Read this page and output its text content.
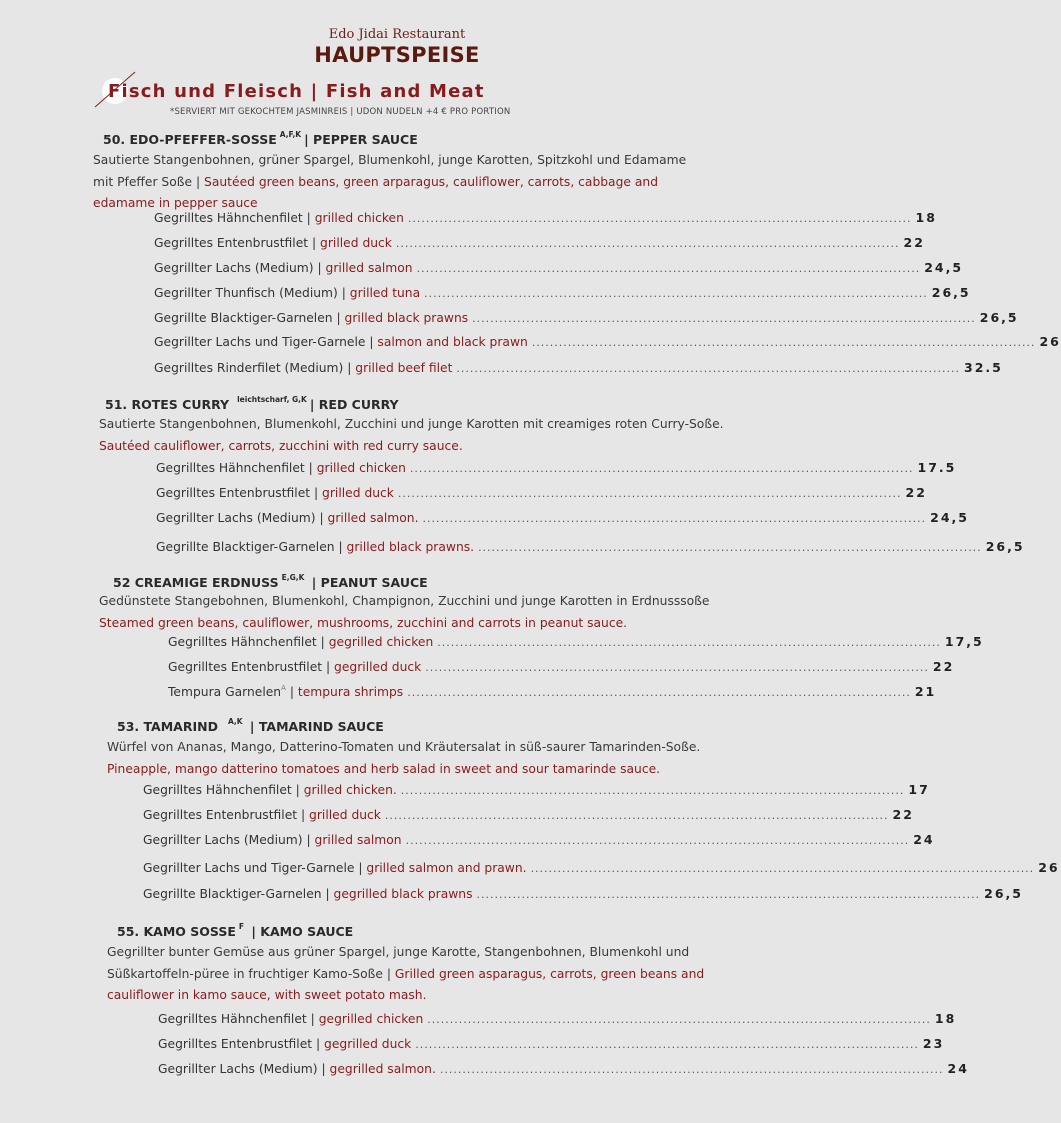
Edo Jidai Restaurant
HAUPTSPEISE
Fisch und Fleisch | Fish and Meat
*SERVIERT MIT GEKOCHTEM JASMINREIS | UDON NUDELN +4 € PRO PORTION
50. EDO-PFEFFER-SOSSE $^{A,F,K}$ | PEPPER SAUCE
Sautierte Stangenbohnen, grüner Spargel, Blumenkohl, junge Karotten, Spitzkohl und Edamame mit Pfeffer Soße | Sautéed green beans, green arparagus, cauliflower, carrots, cabbage and edamame in pepper sauce
Gegrilltes Hähnchenfilet | grilled chicken ................................................................................................................ 18
Gegrilltes Entenbrustfilet | grilled duck ................................................................................................................ 22
Gegrillter Lachs (Medium) | grilled salmon ................................................................................................................ 24,5
Gegrillter Thunfisch (Medium) | grilled tuna ................................................................................................................ 26,5
Gegrillte Blacktiger-Garnelen | grilled black prawns ................................................................................................................ 26,5
Gegrillter Lachs und Tiger-Garnele | salmon and black prawn ................................................................................................................ 26
Gegrilltes Rinderfilet (Medium) | grilled beef filet ................................................................................................................ 32.5
51. ROTES CURRY $^{leichtscharf, G,K}$ | RED CURRY
Sautierte Stangenbohnen, Blumenkohl, Zucchini und junge Karotten mit creamiges roten Curry-Soße.
Sautéed cauliflower, carrots, zucchini with red curry sauce.
Gegrilltes Hähnchenfilet | grilled chicken ................................................................................................................ 17.5
Gegrilltes Entenbrustfilet | grilled duck ................................................................................................................ 22
Gegrillter Lachs (Medium) | grilled salmon. ................................................................................................................ 24,5
Gegrillte Blacktiger-Garnelen | grilled black prawns. ................................................................................................................ 26,5
52 CREAMIGE ERDNUSS $^{E,G,K}$ | PEANUT SAUCE
Gedünstete Stangebohnen, Blumenkohl, Champignon, Zucchini und junge Karotten in Erdnusssoße
Steamed green beans, cauliflower, mushrooms, zucchini and carrots in peanut sauce.
Gegrilltes Hähnchenfilet | gegrilled chicken ................................................................................................................ 17,5
Gegrilltes Entenbrustfilet | gegrilled duck ................................................................................................................ 22
Tempura Garnelen$^A$ | tempura shrimps ................................................................................................................ 21
53. TAMARIND $^{A,K}$ | TAMARIND SAUCE
Würfel von Ananas, Mango, Datterino-Tomaten und Kräutersalat in süß-saurer Tamarinden-Soße.
Pineapple, mango datterino tomatoes and herb salad in sweet and sour tamarinde sauce.
Gegrilltes Hähnchenfilet | grilled chicken. ................................................................................................................ 17
Gegrilltes Entenbrustfilet | grilled duck ................................................................................................................ 22
Gegrillter Lachs (Medium) | grilled salmon ................................................................................................................ 24
Gegrillter Lachs und Tiger-Garnele | grilled salmon and prawn. ................................................................................................................ 26
Gegrillte Blacktiger-Garnelen | gegrilled black prawns ................................................................................................................ 26,5
55. KAMO SOSSE $^F$ | KAMO SAUCE
Gegrillter bunter Gemüse aus grüner Spargel, junge Karotte, Stangenbohnen, Blumenkohl und Süßkartoffeln-püree in fruchtiger Kamo-Soße | Grilled green asparagus, carrots, green beans and cauliflower in kamo sauce, with sweet potato mash.
Gegrilltes Hähnchenfilet | gegrilled chicken ................................................................................................................ 18
Gegrilltes Entenbrustfilet | gegrilled duck ................................................................................................................ 23
Gegrillter Lachs (Medium) | gegrilled salmon. ................................................................................................................ 24
